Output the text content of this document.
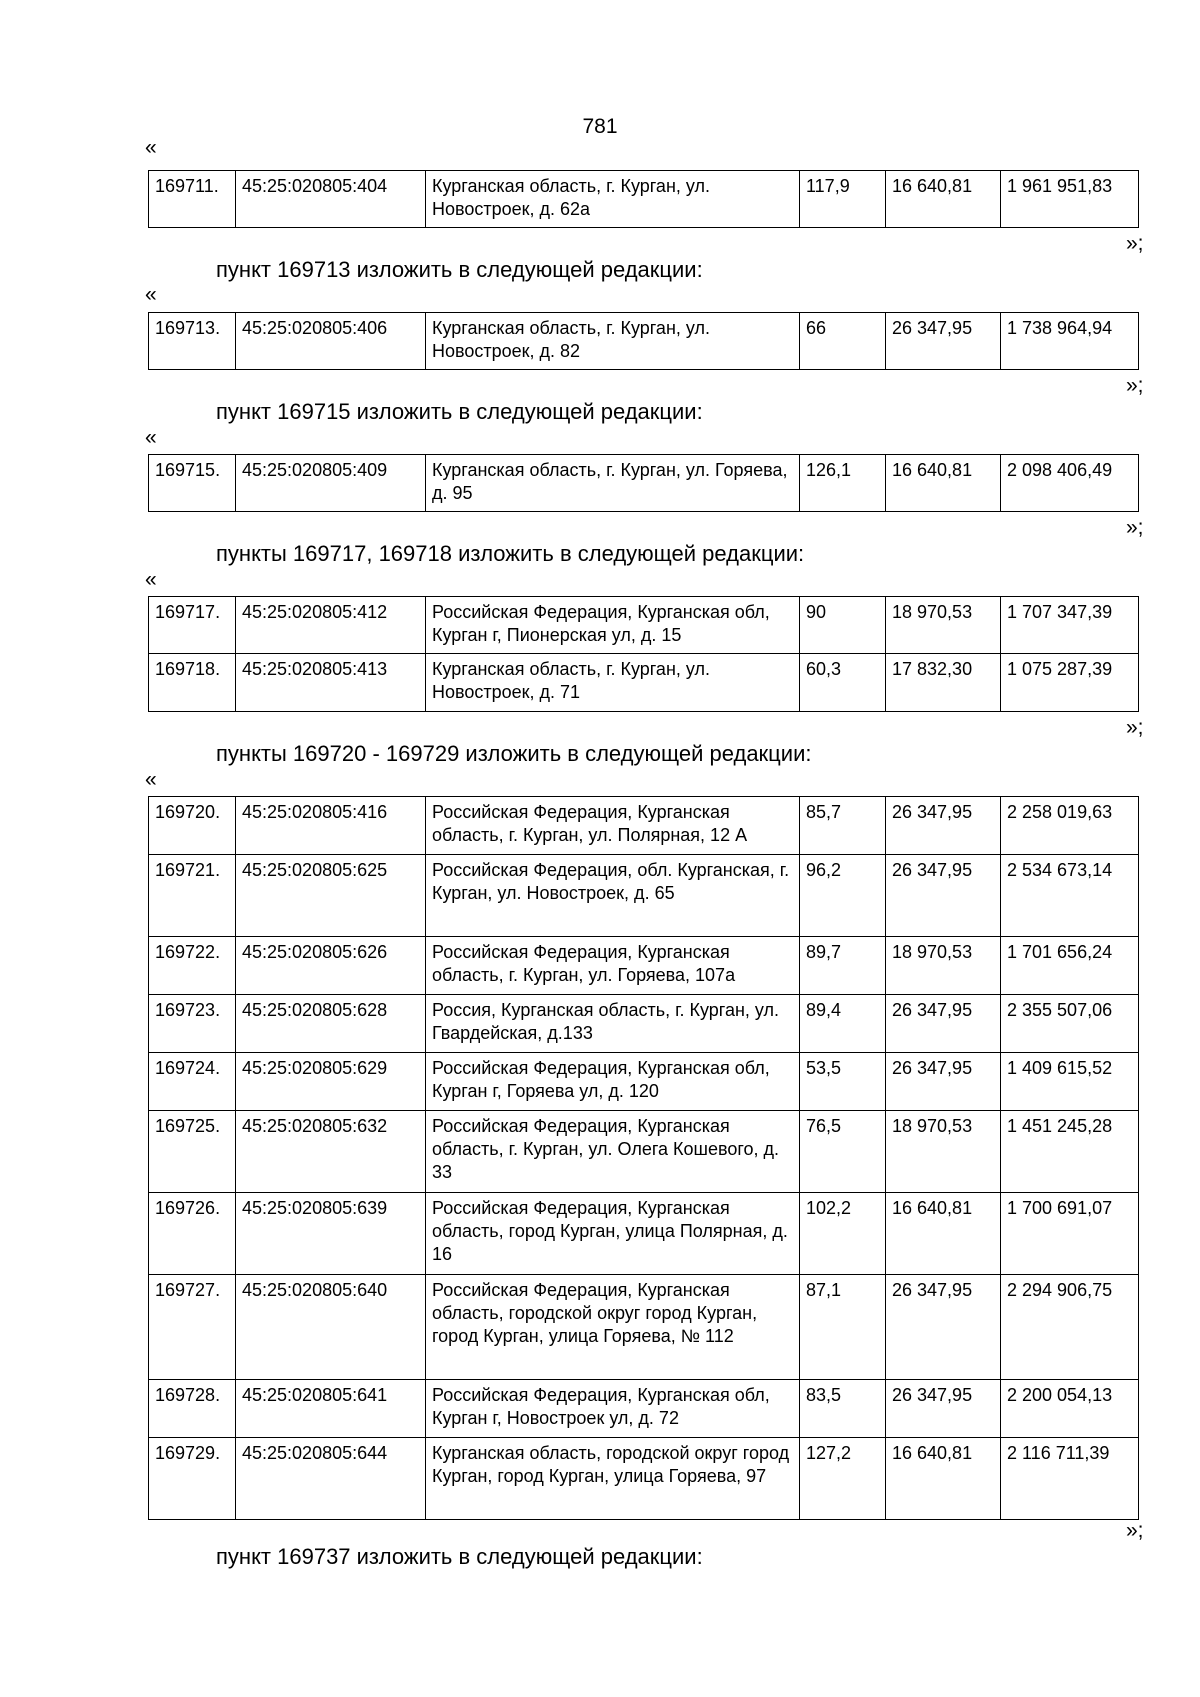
781
«
169711.	45:25:020805:404	Курганская область, г. Курган, ул. Новостроек, д. 62а	117,9	16 640,81	1 961 951,83
»;
пункт 169713 изложить в следующей редакции:
«
169713.	45:25:020805:406	Курганская область, г. Курган, ул. Новостроек, д. 82	66	26 347,95	1 738 964,94
»;
пункт 169715 изложить в следующей редакции:
«
169715.	45:25:020805:409	Курганская область, г. Курган, ул. Горяева, д. 95	126,1	16 640,81	2 098 406,49
»;
пункты 169717, 169718 изложить в следующей редакции:
«
169717.	45:25:020805:412	Российская Федерация, Курганская обл, Курган г, Пионерская ул, д. 15	90	18 970,53	1 707 347,39
169718.	45:25:020805:413	Курганская область, г. Курган, ул. Новостроек, д. 71	60,3	17 832,30	1 075 287,39
»;
пункты 169720 - 169729 изложить в следующей редакции:
«
169720.	45:25:020805:416	Российская Федерация, Курганская область, г. Курган, ул. Полярная, 12 А	85,7	26 347,95	2 258 019,63
169721.	45:25:020805:625	Российская Федерация, обл. Курганская, г. Курган, ул. Новостроек, д. 65	96,2	26 347,95	2 534 673,14
169722.	45:25:020805:626	Российская Федерация, Курганская область, г. Курган, ул. Горяева, 107а	89,7	18 970,53	1 701 656,24
169723.	45:25:020805:628	Россия, Курганская область, г. Курган, ул. Гвардейская, д.133	89,4	26 347,95	2 355 507,06
169724.	45:25:020805:629	Российская Федерация, Курганская обл, Курган г, Горяева ул, д. 120	53,5	26 347,95	1 409 615,52
169725.	45:25:020805:632	Российская Федерация, Курганская область, г. Курган, ул. Олега Кошевого, д. 33	76,5	18 970,53	1 451 245,28
169726.	45:25:020805:639	Российская Федерация, Курганская область, город Курган, улица Полярная, д. 16	102,2	16 640,81	1 700 691,07
169727.	45:25:020805:640	Российская Федерация, Курганская область, городской округ город Курган, город Курган, улица Горяева, № 112	87,1	26 347,95	2 294 906,75
169728.	45:25:020805:641	Российская Федерация, Курганская обл, Курган г, Новостроек ул, д. 72	83,5	26 347,95	2 200 054,13
169729.	45:25:020805:644	Курганская область, городской округ город Курган, город Курган, улица Горяева, 97	127,2	16 640,81	2 116 711,39
»;
пункт 169737 изложить в следующей редакции:
